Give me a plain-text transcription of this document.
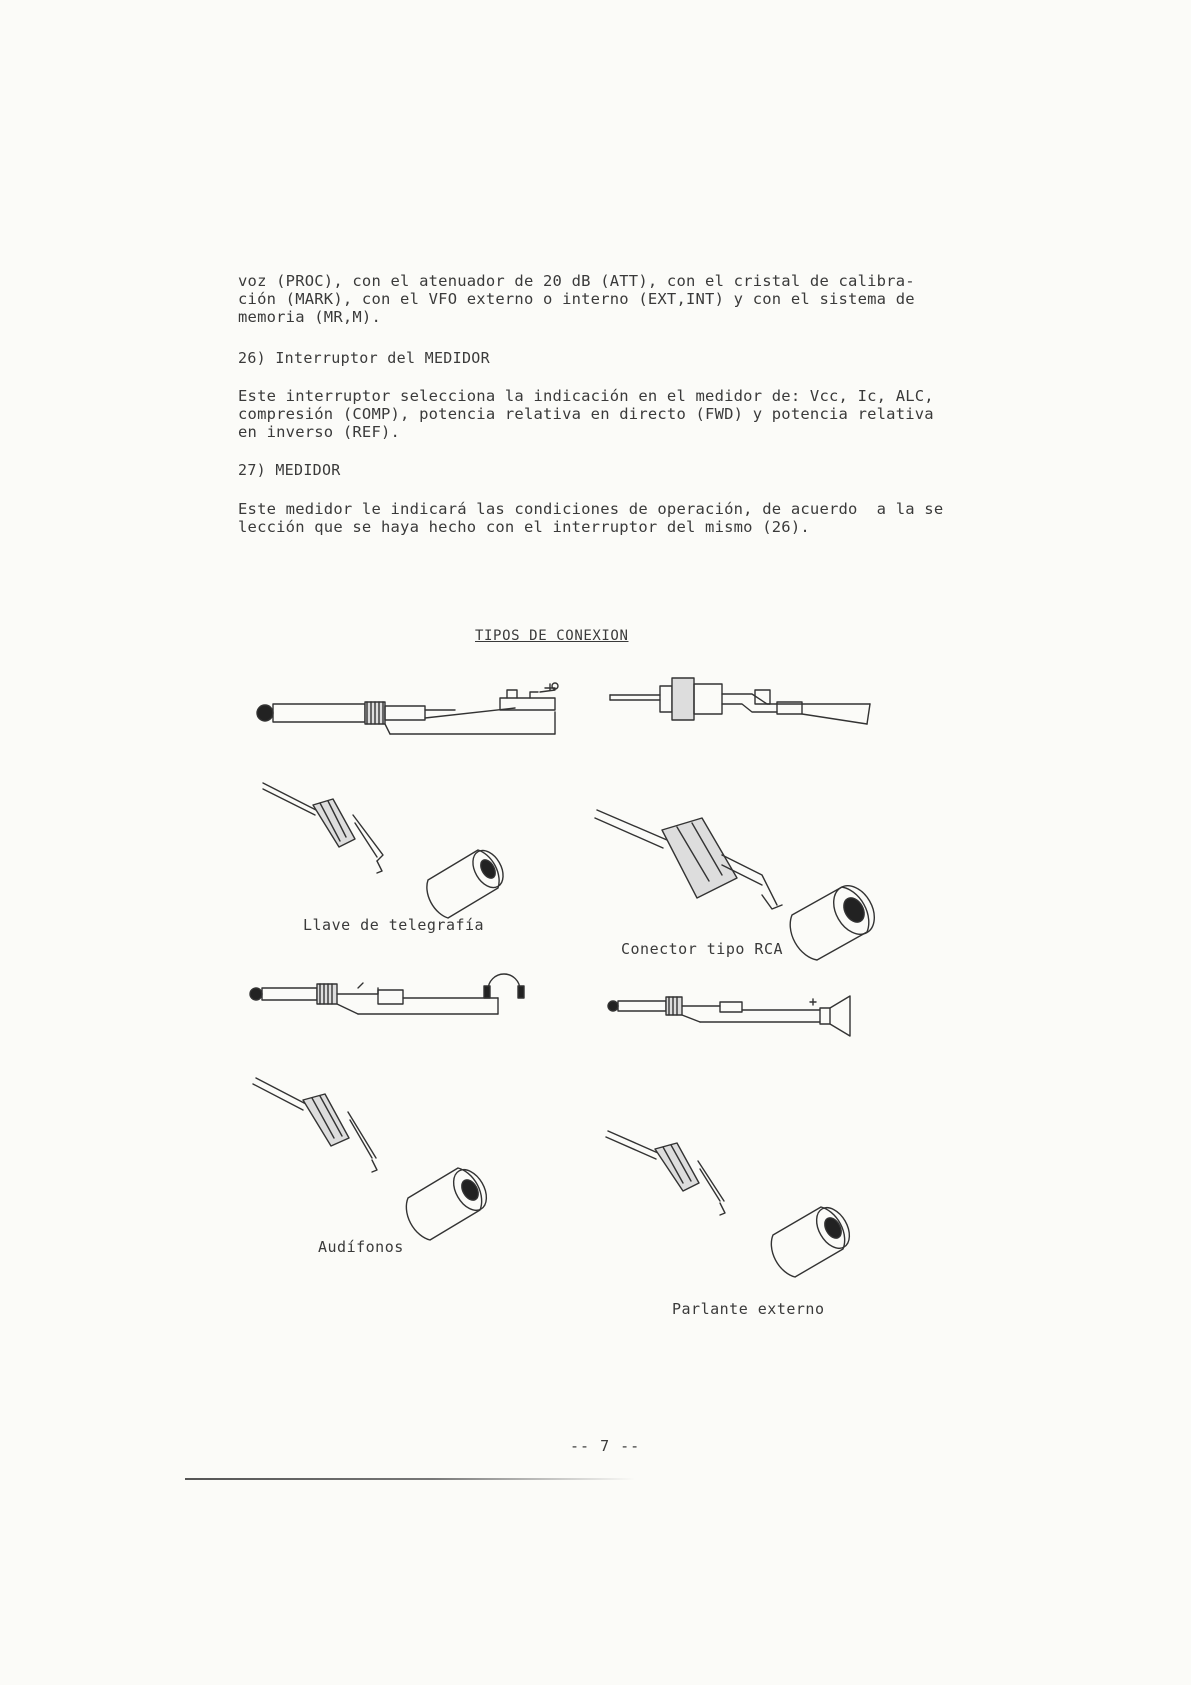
voz (PROC), con el atenuador de 20 dB (ATT), con el cristal de calibra-
ción (MARK), con el VFO externo o interno (EXT,INT) y con el sistema de
memoria (MR,M).
26) Interruptor del MEDIDOR
Este interruptor selecciona la indicación en el medidor de: Vcc, Ic, ALC,
compresión (COMP), potencia relativa en directo (FWD) y potencia relativa
en inverso (REF).
27) MEDIDOR
Este medidor le indicará las condiciones de operación, de acuerdo  a la se
lección que se haya hecho con el interruptor del mismo (26).
TIPOS DE CONEXION
Llave de telegrafía
Conector tipo RCA
Audífonos
Parlante externo
-- 7 --
